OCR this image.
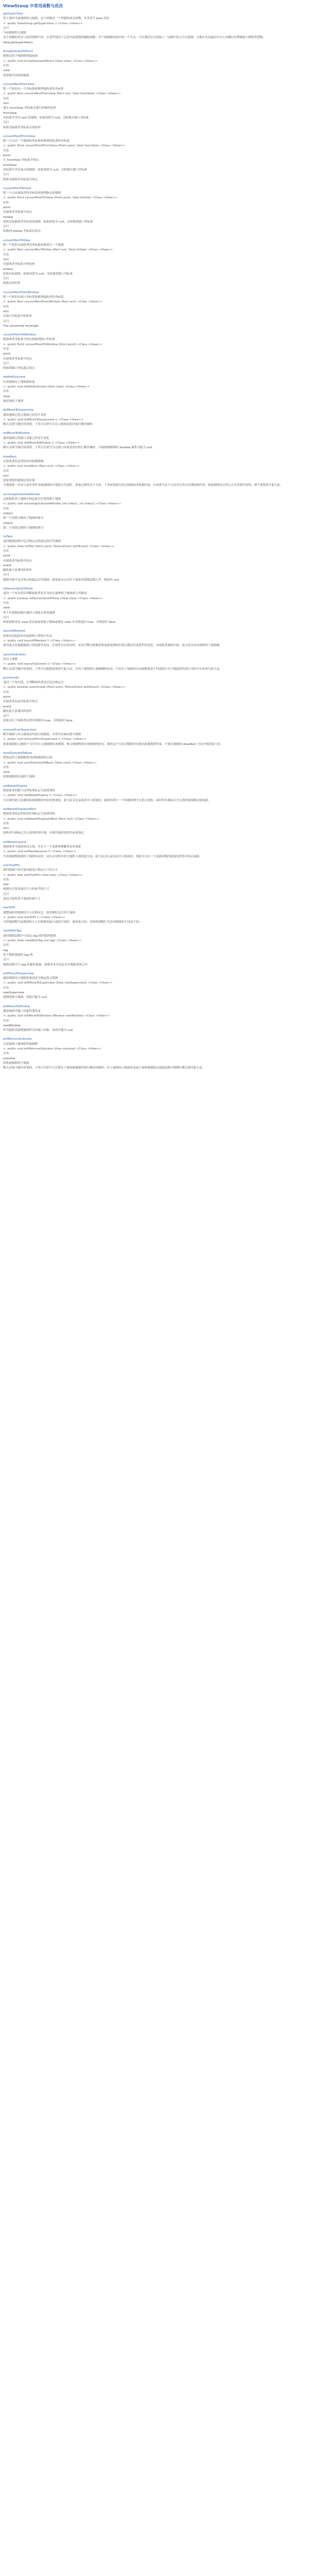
ViewGroup 中常用函数与成员
getSuperView
用于返回当前视图的父视图，这个函数是一个重载的成员函数，并非原生 Java 用法
<- public ViewGroup getSuperView () <Class <View>>
返回
当前视图的父视图
这个函数的用法与返回值稍不同，在某些情况下它是内部逻辑的辅助函数；对于视图树结构中的一个节点，可以调用它以获取上一层级中的父节点视图，方便在布局遍历中向上回溯以处理测量与排版等逻辑。
View.getSuperView()
bringSubviewToFront
把指定的子视图移到最前面
<- public void bringSubviewToFront (View view) <Class <View>>
参数
view
需要移至顶部的视图
convertRectFromView
把一个矩形从一个坐标系转换到接收者的坐标系
<- public Rect convertRectFromView (Rect rect, View fromView) <Class <View>>
参数
rect
要在 fromView 坐标系中进行转换的矩形
fromView
坐标系中含有 rect 的视图；如果该值为 null，会转换自窗口坐标系
返回
转换为接收者坐标系后的矩形
convertPointFromView
把一个点从一个视图的坐标系转换到接收者的坐标系
<- public Point convertPointFromView (Point point, View fromView) <Class <View>>
参数
point
在 fromView 坐标系中的点
fromView
坐标系中含有该点的视图；如果该值为 null，会转换自窗口坐标系
返回
转换为接收者坐标系后的点
convertPointToView
把一个点从接收者的坐标系转换到指定的视图
<- public Point convertPointToView (Point point, View toView) <Class <View>>
参数
point
在接收者坐标系中的点
toView
要把点转换到其坐标系的视图；如果该值为 null，会转换到窗口坐标系
返回
转换到 toView 坐标系后的点
convertRectToView
把一个矩形从接收者的坐标系转换到另一个视图
<- public Rect convertRectToView (Rect rect, View toView) <Class <View>>
参数
rect
在接收者坐标系中的矩形
toView
转换目标视图；如果该值为 null，会转换到窗口坐标系
返回
转换后的矩形
convertRectFromWindow
把一个矩形从窗口坐标系转换到接收者的坐标系
<- public Rect convertRectFromWindow (Rect rect) <Class <View>>
参数
rect
在窗口坐标系中的矩形
返回
The converted rectangle
convertPointToWindow
把接收者坐标系中的点转换到窗口坐标系
<- public Point convertPointToWindow (Point point) <Class <View>>
参数
point
在接收者坐标系中的点
返回
转换到窗口坐标系后的点
didAddSubview
告诉视图有子视图被添加
<- public void didAddSubview (View view) <Class <View>>
参数
view
被添加的子视图
didMoveToSuperview
通知视图它的父视图已经发生变化
<- public void didMoveToSuperview () <Class <View>>
默认实现不做任何事情，子类可以重写以在父视图变化时执行额外操作。
didMoveToWindow
通知视图它的窗口对象已经发生变化
<- public void didMoveToWindow () <Class <View>>
默认实现不做任何事情，子类可以重写以在窗口对象变化时执行额外操作；当视图被移除时 window 属性可能为 null。
drawRect
在接收者的边界矩形内绘制图像
<- public void drawRect (Rect rect) <Class <View>>
参数
rect
需要重绘的视图边界区域
当视图第一次显示或有事件导致视图的可视部分失效时，系统会调用这个方法。子类如果使用其它绘图技术绘制内容，应该重写这个方法并在其中实现绘图代码；如果视图是以其它方式设置内容的，则不需要重写此方法。
exchangeSubviewAtIndex
交换接收者子视图中指定索引位置的两个视图
<- public void exchangeSubviewAtIndex (int index1, int index2) <Class <View>>
参数
index1
第一个需要交换的子视图的索引
index2
第二个需要交换的子视图的索引
hitTest
返回视图层级中包含指定点的最远的后代视图
<- public View hitTest (Point point, MotionEvent withEvent) <Class <View>>
参数
point
在接收者坐标系中的点
event
触发此方法调用的事件
返回
视图对象中包含该点的最远后代视图；如果该点完全位于接收者视图层级之外，则返回 null
isDescendantOfView
返回一个布尔值以判断接收者是否为给定视图的子视图或与其相同
<- public boolean isDescendantOfView (View view) <Class <View>>
参数
view
用于在视图层级中测试子视图关系的视图
返回
如果接收者是 view 的直接或间接子视图或就是 view 本身则返回 true，否则返回 false
layoutIfNeeded
如果有挂起的布局更新则立即执行布局
<- public void layoutIfNeeded () <Class <View>>
使用此方法强制视图立即更新其布局。在使用自动布局时，布局引擎会根据需要更新视图的位置以满足约束条件的变化；从接收者视图开始，此方法会布局视图的子视图树。
layoutSubviews
布局子视图
<- public void layoutSubviews () <Class <View>>
默认实现不做任何事情；子类可以根据需要重写此方法，对其子视图执行更精确的布局。只有在子视图的自动调整和基于约束的行为不能提供所需行为时才应该重写此方法。
pointInside
返回一个布尔值，以判断接收者是否包含指定点
<- public boolean pointInside (Point point, MotionEvent withEvent) <Class <View>>
参数
point
在接收者局部坐标系中的点
event
触发此方法调用的事件
返回
如果点位于接收者边界内则返回 true，否则返回 false
removeFromSuperview
断开视图与其父视图及其窗口的链接，并将其从响应链中移除
<- public void removeFromSuperview () <Class <View>>
如果视图的父视图不为空并且父视图拥有该视图，则父视图释放对该视图的持有；调用这个方法会移除所有指向此视图的约束。不要在视图的 drawRect 方法中调用此方法。
sendSubviewToBack
把指定的子视图移到其同级视图的后面
<- public void sendSubviewToBack (View view) <Class <View>>
参数
view
需要被移到后面的子视图
setNeedsDisplay
把接收者的整个边界矩形标记为需要重绘
<- public void setNeedsDisplay () <Class <View>>
可以使用此方法通知系统视图的内容需要重绘。此方法会记录请求并立即返回；视图直到下一个绘制周期才会真正重绘，届时所有被标记为无效的视图都会被更新。
setNeedsDisplayInRect
把接收者指定的矩形区域标记为需要重绘
<- public void setNeedsDisplayInRect (Rect rect) <Class <View>>
参数
rect
接收者中被标记为无效的矩形区域，应使用接收者的坐标系指定
setNeedsLayout
使接收者当前的布局无效，并在下一个更新周期触发布局更新
<- public void setNeedsLayout () <Class <View>>
当需要调整视图的子视图布局时，请在应用程序的主线程上调用此方法；此方法会记录请求并立即返回，因此可以在一个更新周期内批量处理多次布局更新。
sizeThatFits
询问视图计算并返回最适合指定尺寸的大小
<- public Size sizeThatFits (Size size) <Class <View>>
参数
size
视图应计算其最佳大小时参考的尺寸
返回
更适合接收者子视图的新尺寸
sizeToFit
调整接收者视图的大小并移动它，使其刚好包含其子视图
<- public void sizeToFit () <Class <View>>
当你想调整当前视图的大小以便使用最合适的空间时，调用此方法；具体的调整行为会因视图的不同而不同。
viewWithTag
返回视图层级中与给定 tag 值匹配的视图
<- public View viewWithTag (int tag) <Class <View>>
参数
tag
用于搜索视图的 tag 值
返回
视图层级中与 tag 匹配的视图；接收者本身也包含在搜索范围之内
willMoveToSuperview
通知视图其父视图将要改变为指定的父视图
<- public void willMoveToSuperview (View newSuperview) <Class <View>>
参数
newSuperview
视图的新父视图；该值可能为 null
willMoveToWindow
通知视图其窗口对象将要改变
<- public void willMoveToWindow (Window newWindow) <Class <View>>
参数
newWindow
作为接收者新根视图所在的窗口对象；该值可能为 null
willRemoveSubview
告诉视图子视图即将被移除
<- public void willRemoveSubview (View subview) <Class <View>>
参数
subview
即将被移除的子视图
默认实现不做任何事情，子类可以重写它以便在子视图被移除时执行额外的操作；在子视图的父视图改变或子视图被彻底从视图层级中移除时都会调用此方法。
